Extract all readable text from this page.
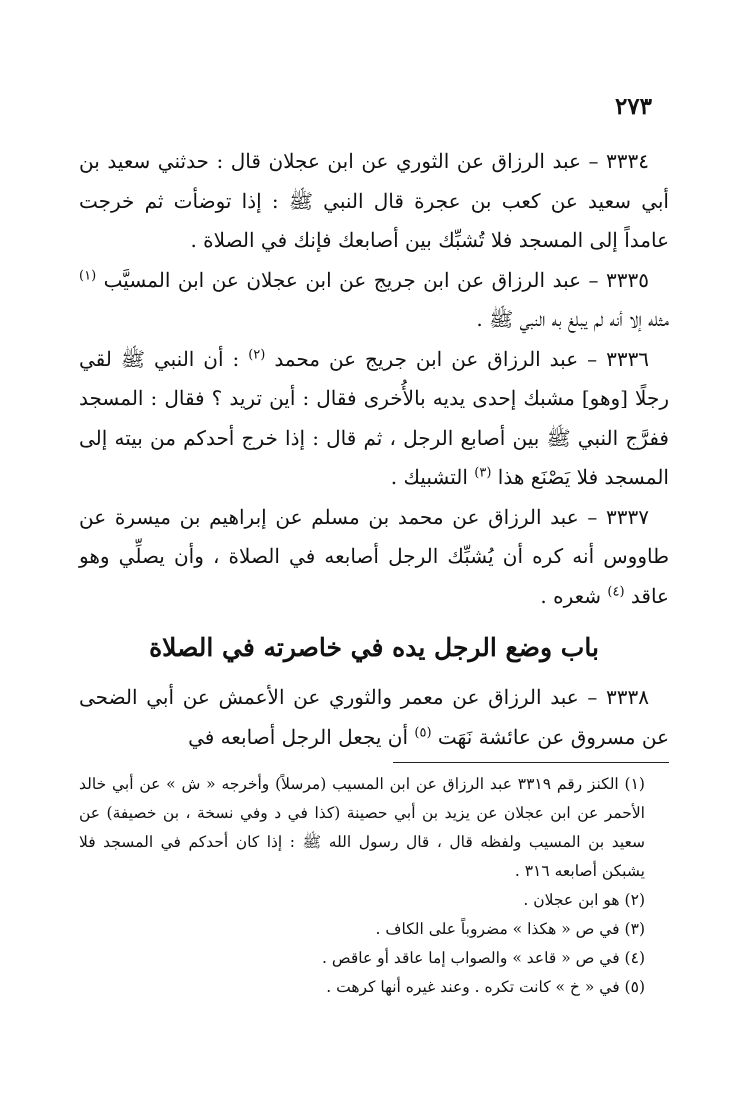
٢٧٣

٣٣٣٤ – عبد الرزاق عن الثوري عن ابن عجلان قال : حدثني سعيد بن أبي سعيد عن كعب بن عجرة قال النبي ﷺ : إذا توضأت ثم خرجت عامداً إلى المسجد فلا تُشبِّك بين أصابعك فإنك في الصلاة .

٣٣٣٥ – عبد الرزاق عن ابن جريج عن ابن عجلان عن ابن المسيَّب $^{(١)}$ مثله إلا أنه لم يبلغ به النبي ﷺ .

٣٣٣٦ – عبد الرزاق عن ابن جريج عن محمد $^{(٢)}$ : أن النبي ﷺ لقي رجلًا [وهو] مشبك إحدى يديه بالأُخرى فقال : أين تريد ؟ فقال : المسجد ففرَّج النبي ﷺ بين أصابع الرجل ، ثم قال : إذا خرج أحدكم من بيته إلى المسجد فلا يَصْنَع هذا $^{(٣)}$ التشبيك .

٣٣٣٧ – عبد الرزاق عن محمد بن مسلم عن إبراهيم بن ميسرة عن طاووس أنه كره أن يُشبِّك الرجل أصابعه في الصلاة ، وأن يصلِّي وهو عاقد $^{(٤)}$ شعره .

باب وضع الرجل يده في خاصرته في الصلاة

٣٣٣٨ – عبد الرزاق عن معمر والثوري عن الأعمش عن أبي الضحى عن مسروق عن عائشة نَهَت $^{(٥)}$ أن يجعل الرجل أصابعه في

(١) الكنز رقم ٣٣١٩ عبد الرزاق عن ابن المسيب (مرسلاً) وأخرجه « ش » عن أبي خالد الأحمر عن ابن عجلان عن يزيد بن أبي حصينة (كذا في د وفي نسخة ، بن خصيفة) عن سعيد بن المسيب ولفظه قال ، قال رسول الله ﷺ : إذا كان أحدكم في المسجد فلا يشبكن أصابعه ٣١٦ .

(٢) هو ابن عجلان .

(٣) في ص « هكذا » مضروباً على الكاف .

(٤) في ص « قاعد » والصواب إما عاقد أو عاقص .

(٥) في « خ » كانت تكره . وعند غيره أنها كرهت .
